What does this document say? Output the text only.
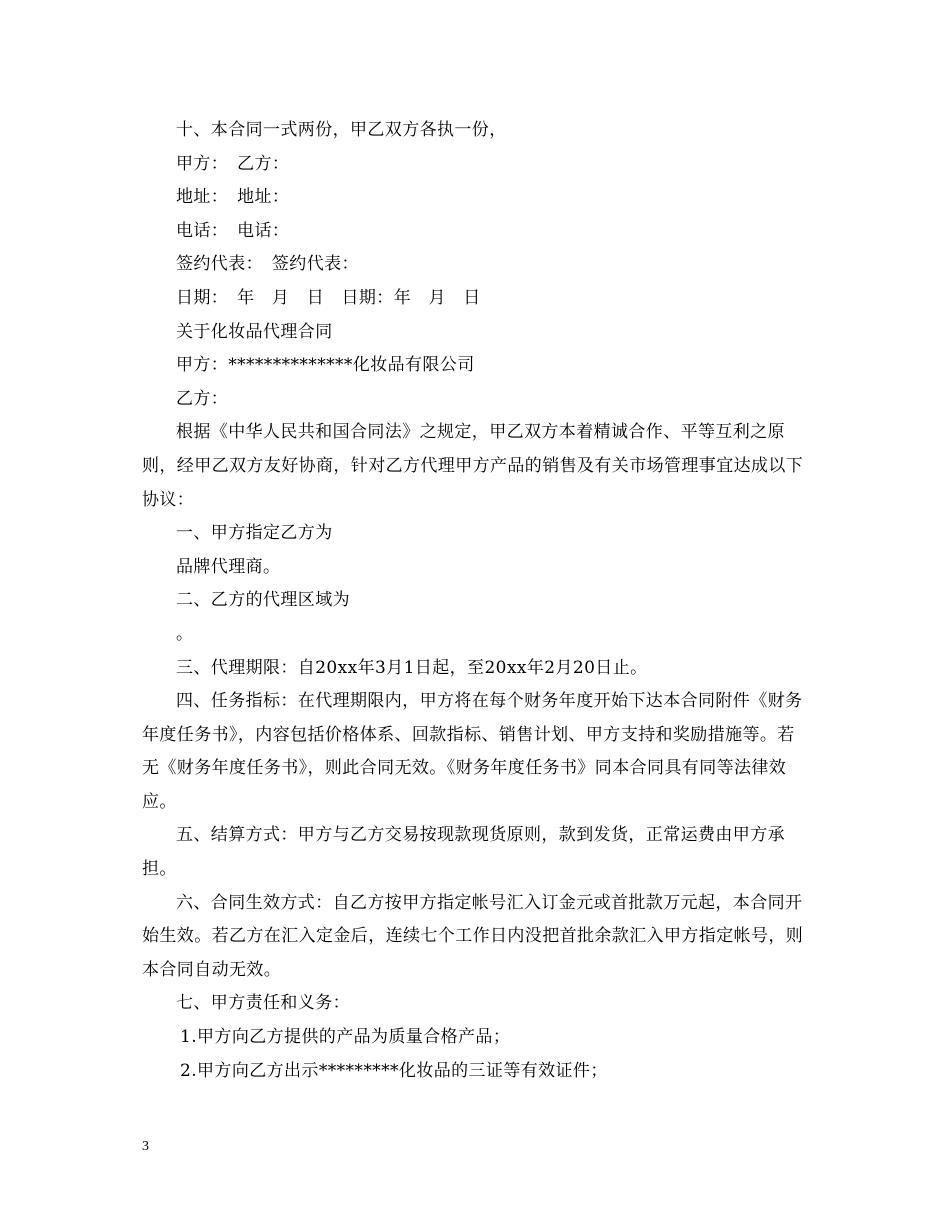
十、本合同一式两份，甲乙双方各执一份，

甲方：　乙方：

地址：　地址：

电话：　电话：

签约代表：　签约代表：

日期：　年　月　日　日期：年　月　日

关于化妆品代理合同

甲方：**************化妆品有限公司

乙方：

根据《中华人民共和国合同法》之规定，甲乙双方本着精诚合作、平等互利之原则，经甲乙双方友好协商，针对乙方代理甲方产品的销售及有关市场管理事宜达成以下协议：

一、甲方指定乙方为

品牌代理商。

二、乙方的代理区域为

。

三、代理期限：自20xx年3月1日起，至20xx年2月20日止。

四、任务指标：在代理期限内，甲方将在每个财务年度开始下达本合同附件《财务年度任务书》，内容包括价格体系、回款指标、销售计划、甲方支持和奖励措施等。若无《财务年度任务书》，则此合同无效。《财务年度任务书》同本合同具有同等法律效应。

五、结算方式：甲方与乙方交易按现款现货原则，款到发货，正常运费由甲方承担。

六、合同生效方式：自乙方按甲方指定帐号汇入订金元或首批款万元起，本合同开始生效。若乙方在汇入定金后，连续七个工作日内没把首批余款汇入甲方指定帐号，则本合同自动无效。

七、甲方责任和义务：

1.甲方向乙方提供的产品为质量合格产品；

2.甲方向乙方出示*********化妆品的三证等有效证件；

3
